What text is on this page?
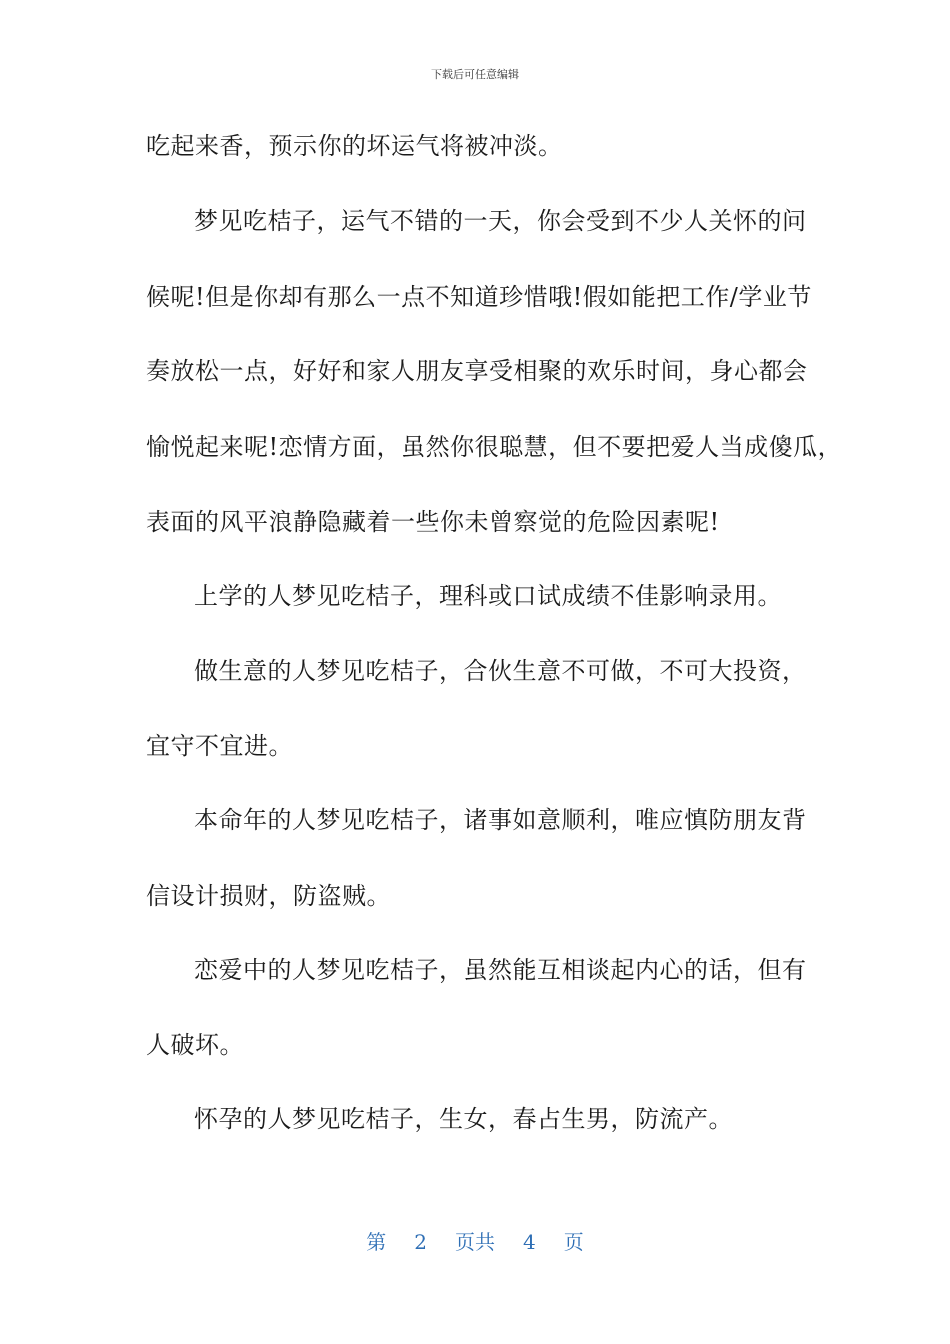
下载后可任意编辑
吃起来香，预示你的坏运气将被冲淡。
梦见吃桔子，运气不错的一天，你会受到不少人关怀的问
候呢!但是你却有那么一点不知道珍惜哦!假如能把工作/学业节
奏放松一点，好好和家人朋友享受相聚的欢乐时间，身心都会
愉悦起来呢!恋情方面，虽然你很聪慧，但不要把爱人当成傻瓜，
表面的风平浪静隐藏着一些你未曾察觉的危险因素呢!
上学的人梦见吃桔子，理科或口试成绩不佳影响录用。
做生意的人梦见吃桔子，合伙生意不可做，不可大投资，
宜守不宜进。
本命年的人梦见吃桔子，诸事如意顺利，唯应慎防朋友背
信设计损财，防盗贼。
恋爱中的人梦见吃桔子，虽然能互相谈起内心的话，但有
人破坏。
怀孕的人梦见吃桔子，生女，春占生男，防流产。
第 2 页共 4 页
